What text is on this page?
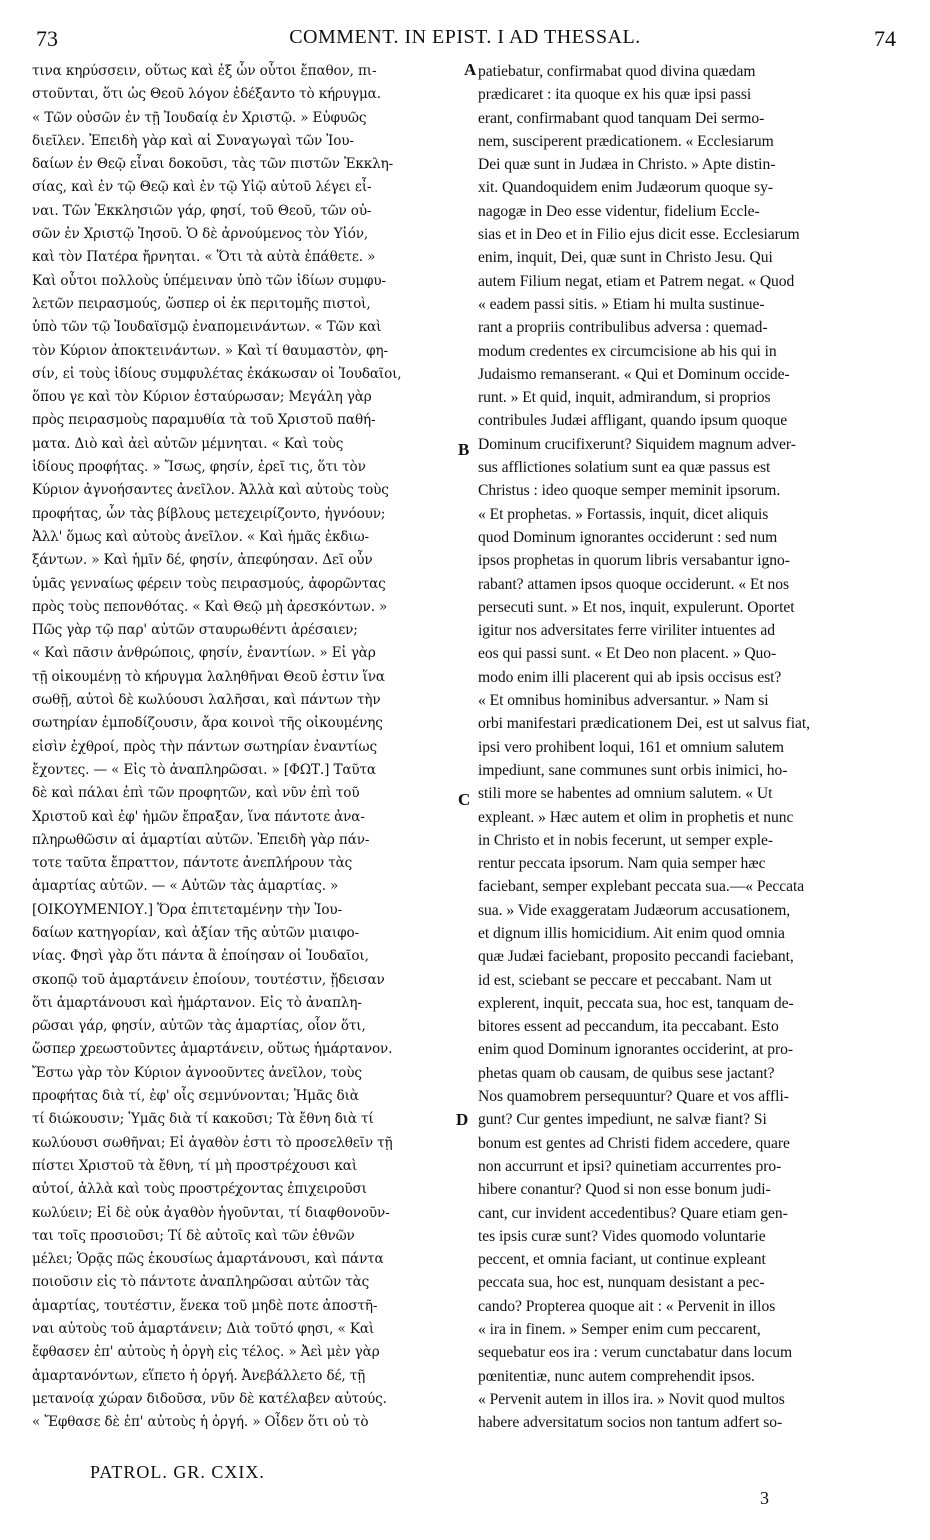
73	COMMENT. IN EPIST. I AD THESSAL.	74
τινα κηρύσσειν, οὕτως καὶ ἐξ ὧν οὗτοι ἔπαθον, πι-
στοῦνται, ὅτι ὡς Θεοῦ λόγον ἐδέξαντο τὸ κήρυγμα.
« Τῶν οὐσῶν ἐν τῇ Ἰουδαίᾳ ἐν Χριστῷ. » Εὐφυῶς
διεῖλεν. Ἐπειδὴ γὰρ καὶ αἱ Συναγωγαὶ τῶν Ἰου-
δαίων ἐν Θεῷ εἶναι δοκοῦσι, τὰς τῶν πιστῶν Ἐκκλη-
σίας, καὶ ἐν τῷ Θεῷ καὶ ἐν τῷ Υἱῷ αὐτοῦ λέγει εἶ-
ναι. Τῶν Ἐκκλησιῶν γάρ, φησί, τοῦ Θεοῦ, τῶν οὐ-
σῶν ἐν Χριστῷ Ἰησοῦ. Ὁ δὲ ἀρνούμενος τὸν Υἱόν,
καὶ τὸν Πατέρα ἤρνηται. « Ὅτι τὰ αὐτὰ ἐπάθετε. »
Καὶ οὗτοι πολλοὺς ὑπέμειναν ὑπὸ τῶν ἰδίων συμφυ-
λετῶν πειρασμούς, ὥσπερ οἱ ἐκ περιτομῆς πιστοὶ,
ὑπὸ τῶν τῷ Ἰουδαϊσμῷ ἐναπομεινάντων. « Τῶν καὶ
τὸν Κύριον ἀποκτεινάντων. » Καὶ τί θαυμαστὸν, φη-
σίν, εἰ τοὺς ἰδίους συμφυλέτας ἐκάκωσαν οἱ Ἰουδαῖοι,
ὅπου γε καὶ τὸν Κύριον ἐσταύρωσαν; Μεγάλη γὰρ
πρὸς πειρασμοὺς παραμυθία τὰ τοῦ Χριστοῦ παθή-
ματα. Διὸ καὶ ἀεὶ αὐτῶν μέμνηται. « Καὶ τοὺς
ἰδίους προφήτας. » Ἴσως, φησίν, ἐρεῖ τις, ὅτι τὸν
Κύριον ἀγνοήσαντες ἀνεῖλον. Ἀλλὰ καὶ αὐτοὺς τοὺς
προφήτας, ὧν τὰς βίβλους μετεχειρίζοντο, ἠγνόουν;
Ἀλλ' ὅμως καὶ αὐτοὺς ἀνεῖλον. « Καὶ ἡμᾶς ἐκδιω-
ξάντων. » Καὶ ἡμῖν δέ, φησίν, ἀπεφύησαν. Δεῖ οὖν
ὑμᾶς γενναίως φέρειν τοὺς πειρασμούς, ἀφορῶντας
πρὸς τοὺς πεπονθότας. « Καὶ Θεῷ μὴ ἀρεσκόντων. »
Πῶς γὰρ τῷ παρ' αὐτῶν σταυρωθέντι ἀρέσαιεν;
« Καὶ πᾶσιν ἀνθρώποις, φησίν, ἐναντίων. » Εἰ γὰρ
τῇ οἰκουμένῃ τὸ κήρυγμα λαληθῆναι Θεοῦ ἐστιν ἵνα
σωθῇ, αὐτοὶ δὲ κωλύουσι λαλῆσαι, καὶ πάντων τὴν
σωτηρίαν ἐμποδίζουσιν, ἄρα κοινοὶ τῆς οἰκουμένης
εἰσὶν ἐχθροί, πρὸς τὴν πάντων σωτηρίαν ἐναντίως
ἔχοντες. — « Εἰς τὸ ἀναπληρῶσαι. » [ΦΩΤ.] Ταῦτα
δὲ καὶ πάλαι ἐπὶ τῶν προφητῶν, καὶ νῦν ἐπὶ τοῦ
Χριστοῦ καὶ ἐφ' ἡμῶν ἔπραξαν, ἵνα πάντοτε ἀνα-
πληρωθῶσιν αἱ ἁμαρτίαι αὐτῶν. Ἐπειδὴ γὰρ πάν-
τοτε ταῦτα ἔπραττον, πάντοτε ἀνεπλήρουν τὰς
ἁμαρτίας αὐτῶν. — « Αὐτῶν τὰς ἁμαρτίας. »
[ΟΙΚΟΥΜΕΝΙΟΥ.] Ὅρα ἐπιτεταμένην τὴν Ἰου-
δαίων κατηγορίαν, καὶ ἀξίαν τῆς αὐτῶν μιαιφο-
νίας. Φησὶ γὰρ ὅτι πάντα ἃ ἐποίησαν οἱ Ἰουδαῖοι,
σκοπῷ τοῦ ἁμαρτάνειν ἐποίουν, τουτέστιν, ᾔδεισαν
ὅτι ἁμαρτάνουσι καὶ ἡμάρτανον. Εἰς τὸ ἀναπλη-
ρῶσαι γάρ, φησίν, αὐτῶν τὰς ἁμαρτίας, οἷον ὅτι,
ὥσπερ χρεωστοῦντες ἁμαρτάνειν, οὕτως ἡμάρτανον.
Ἔστω γὰρ τὸν Κύριον ἀγνοοῦντες ἀνεῖλον, τοὺς
προφήτας διὰ τί, ἐφ' οἷς σεμνύνονται; Ἡμᾶς διὰ
τί διώκουσιν; Ὑμᾶς διὰ τί κακοῦσι; Τὰ ἔθνη διὰ τί
κωλύουσι σωθῆναι; Εἰ ἀγαθὸν ἐστι τὸ προσελθεῖν τῇ
πίστει Χριστοῦ τὰ ἔθνη, τί μὴ προστρέχουσι καὶ
αὐτοί, ἀλλὰ καὶ τοὺς προστρέχοντας ἐπιχειροῦσι
κωλύειν; Εἰ δὲ οὐκ ἀγαθὸν ἡγοῦνται, τί διαφθονοῦν-
ται τοῖς προσιοῦσι; Τί δὲ αὐτοῖς καὶ τῶν ἐθνῶν
μέλει; Ὁρᾷς πῶς ἑκουσίως ἁμαρτάνουσι, καὶ πάντα
ποιοῦσιν εἰς τὸ πάντοτε ἀναπληρῶσαι αὐτῶν τὰς
ἁμαρτίας, τουτέστιν, ἕνεκα τοῦ μηδὲ ποτε ἀποστῆ-
ναι αὐτοὺς τοῦ ἁμαρτάνειν; Διὰ τοῦτό φησι, « Καὶ
ἔφθασεν ἐπ' αὐτοὺς ἡ ὀργὴ εἰς τέλος. » Ἀεὶ μὲν γὰρ
ἁμαρτανόντων, εἵπετο ἡ ὀργή. Ἀνεβάλλετο δέ, τῇ
μετανοίᾳ χώραν διδοῦσα, νῦν δὲ κατέλαβεν αὐτούς.
« Ἔφθασε δὲ ἐπ' αὐτοὺς ἡ ὀργή. » Οἶδεν ὅτι οὐ τὸ
patiebatur, confirmabat quod divina quædam
prædicaret : ita quoque ex his quæ ipsi passi
erant, confirmabant quod tanquam Dei sermo-
nem, susciperent prædicationem. « Ecclesiarum
Dei quæ sunt in Judæa in Christo. » Apte distin-
xit. Quandoquidem enim Judæorum quoque sy-
nagogæ in Deo esse videntur, fidelium Eccle-
sias et in Deo et in Filio ejus dicit esse. Ecclesiarum
enim, inquit, Dei, quæ sunt in Christo Jesu. Qui
autem Filium negat, etiam et Patrem negat. « Quod
« eadem passi sitis. » Etiam hi multa sustinue-
rant a propriis contribulibus adversa : quemad-
modum credentes ex circumcisione ab his qui in
Judaismo remanserant. « Qui et Dominum occide-
runt. » Et quid, inquit, admirandum, si proprios
contribules Judæi affligant, quando ipsum quoque
Dominum crucifixerunt? Siquidem magnum adver-
sus afflictiones solatium sunt ea quæ passus est
Christus : ideo quoque semper meminit ipsorum.
« Et prophetas. » Fortassis, inquit, dicet aliquis
quod Dominum ignorantes occiderunt : sed num
ipsos prophetas in quorum libris versabantur igno-
rabant? attamen ipsos quoque occiderunt. « Et nos
persecuti sunt. » Et nos, inquit, expulerunt. Oportet
igitur nos adversitates ferre viriliter intuentes ad
eos qui passi sunt. « Et Deo non placent. » Quo-
modo enim illi placerent qui ab ipsis occisus est?
« Et omnibus hominibus adversantur. » Nam si
orbi manifestari prædicationem Dei, est ut salvus fiat,
ipsi vero prohibent loqui, 161 et omnium salutem
impediunt, sane communes sunt orbis inimici, ho-
stili more se habentes ad omnium salutem. « Ut
expleant. » Hæc autem et olim in prophetis et nunc
in Christo et in nobis fecerunt, ut semper exple-
rentur peccata ipsorum. Nam quia semper hæc
faciebant, semper explebant peccata sua.—« Peccata
sua. » Vide exaggeratam Judæorum accusationem,
et dignum illis homicidium. Ait enim quod omnia
quæ Judæi faciebant, proposito peccandi faciebant,
id est, sciebant se peccare et peccabant. Nam ut
explerent, inquit, peccata sua, hoc est, tanquam de-
bitores essent ad peccandum, ita peccabant. Esto
enim quod Dominum ignorantes occiderint, at pro-
phetas quam ob causam, de quibus sese jactant?
Nos quamobrem persequuntur? Quare et vos affli-
gunt? Cur gentes impediunt, ne salvæ fiant? Si
bonum est gentes ad Christi fidem accedere, quare
non accurrunt et ipsi? quinetiam accurrentes pro-
hibere conantur? Quod si non esse bonum judi-
cant, cur invident accedentibus? Quare etiam gen-
tes ipsis curæ sunt? Vides quomodo voluntarie
peccent, et omnia faciant, ut continue expleant
peccata sua, hoc est, nunquam desistant a pec-
cando? Propterea quoque ait : « Pervenit in illos
« ira in finem. » Semper enim cum peccarent,
sequebatur eos ira : verum cunctabatur dans locum
pœnitentiæ, nunc autem comprehendit ipsos.
« Pervenit autem in illos ira. » Novit quod multos
habere adversitatum socios non tantum adfert so-
A
B
C
D
PATROL. GR. CXIX.
3
